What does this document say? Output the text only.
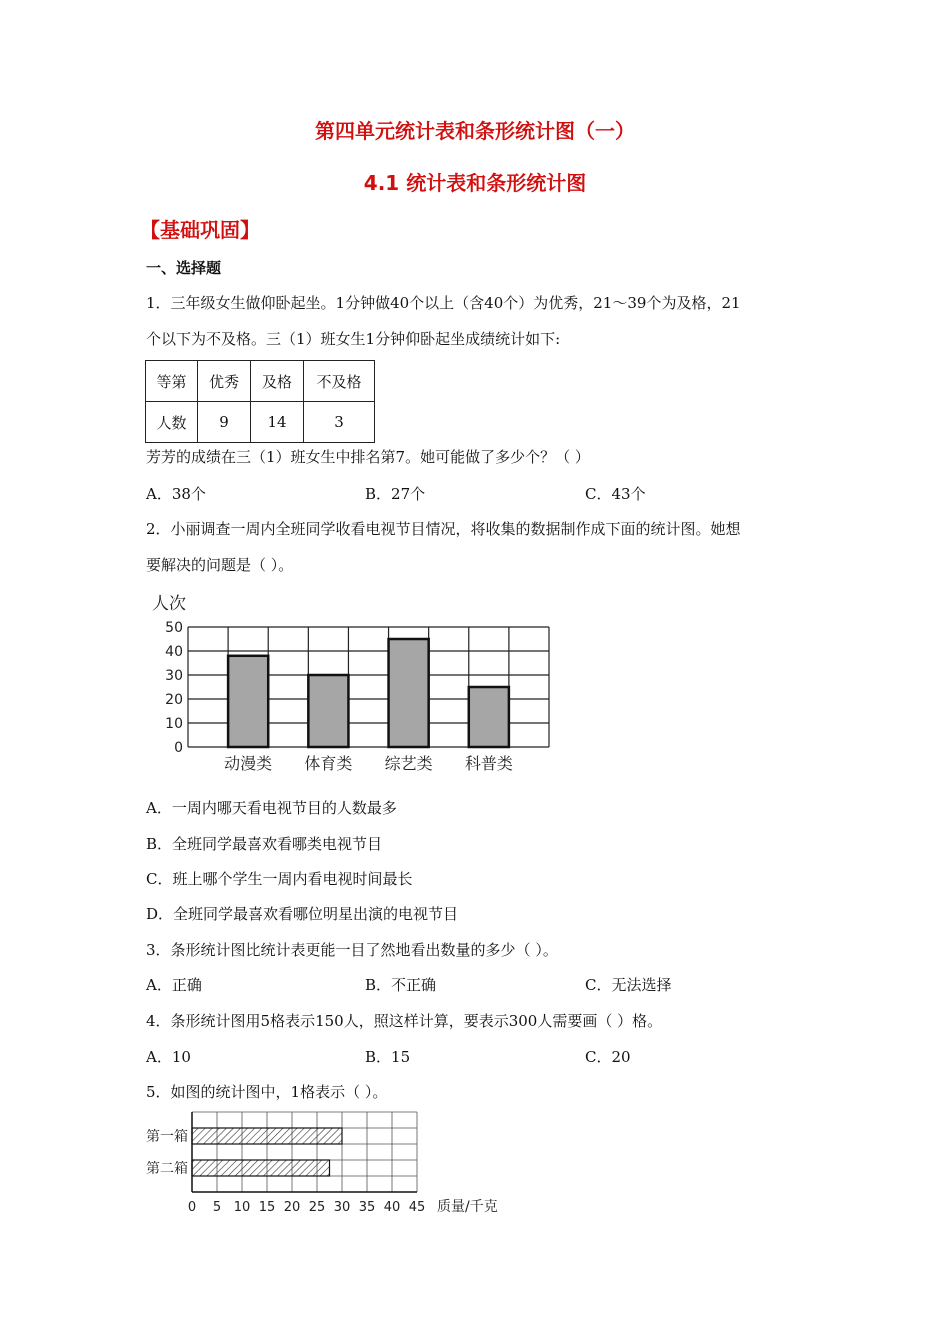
第四单元统计表和条形统计图（一）
4.1 统计表和条形统计图
【基础巩固】
一、选择题
1．三年级女生做仰卧起坐。1分钟做40个以上（含40个）为优秀，21～39个为及格，21
个以下为不及格。三（1）班女生1分钟仰卧起坐成绩统计如下:
等第	优秀	及格	不及格
人数	9	14	3
芳芳的成绩在三（1）班女生中排名第7。她可能做了多少个？（ ）
A．38个	B．27个	C．43个
2．小丽调查一周内全班同学收看电视节目情况，将收集的数据制作成下面的统计图。她想
要解决的问题是（ ）。
人次
0
10
20
30
40
50
动漫类 体育类 综艺类 科普类
A．一周内哪天看电视节目的人数最多
B．全班同学最喜欢看哪类电视节目
C．班上哪个学生一周内看电视时间最长
D．全班同学最喜欢看哪位明星出演的电视节目
3．条形统计图比统计表更能一目了然地看出数量的多少（ ）。
A．正确	B．不正确	C．无法选择
4．条形统计图用5格表示150人，照这样计算，要表示300人需要画（ ）格。
A．10	B．15	C．20
5．如图的统计图中，1格表示（ ）。
0 5 10 15 20 25 30 35 40 45
第一箱
第二箱
质量/千克
